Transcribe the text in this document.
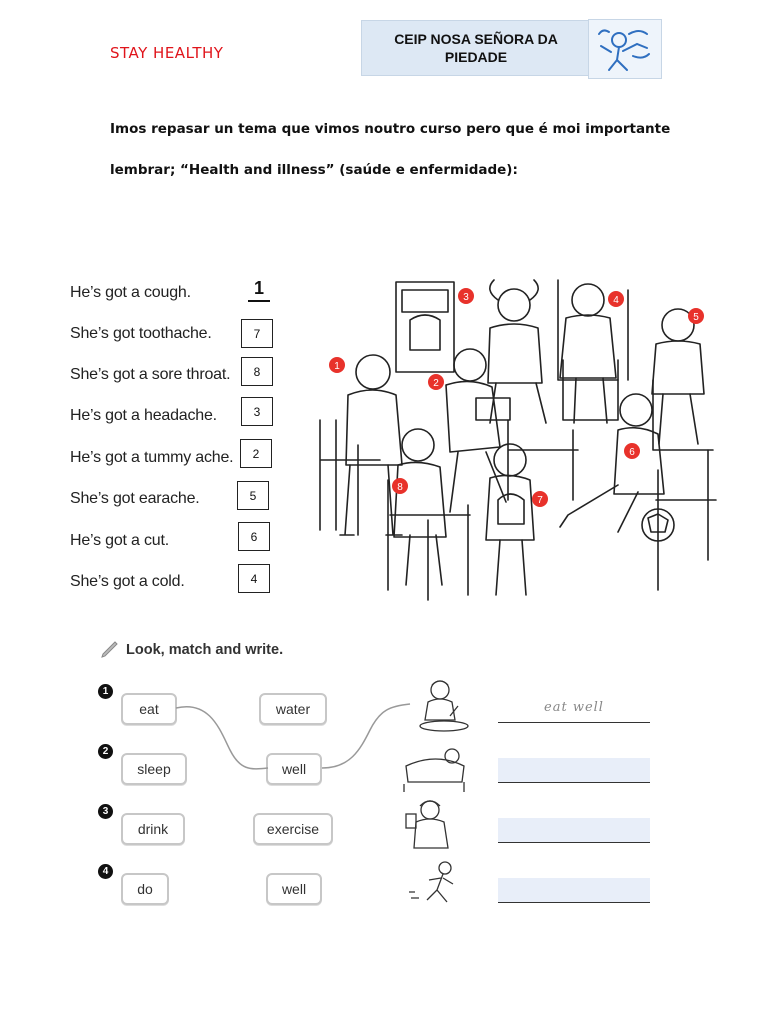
STAY HEALTHY
CEIP NOSA SEÑORA DA
PIEDADE
Imos repasar un tema que vimos noutro curso pero que é moi importante
lembrar; “Health and illness” (saúde e enfermidade):
He’s got a cough.
She’s got toothache.
She’s got a sore throat.
He’s got a headache.
He’s got a tummy ache.
She’s got earache.
He’s got a cut.
She’s got a cold.
1
7
8
3
2
5
6
4
1
2
3	4
5
6
7
8
Look, match and write.
1
2
3
4
eat
sleep
drink
do
water
well
exercise
well
eat well
